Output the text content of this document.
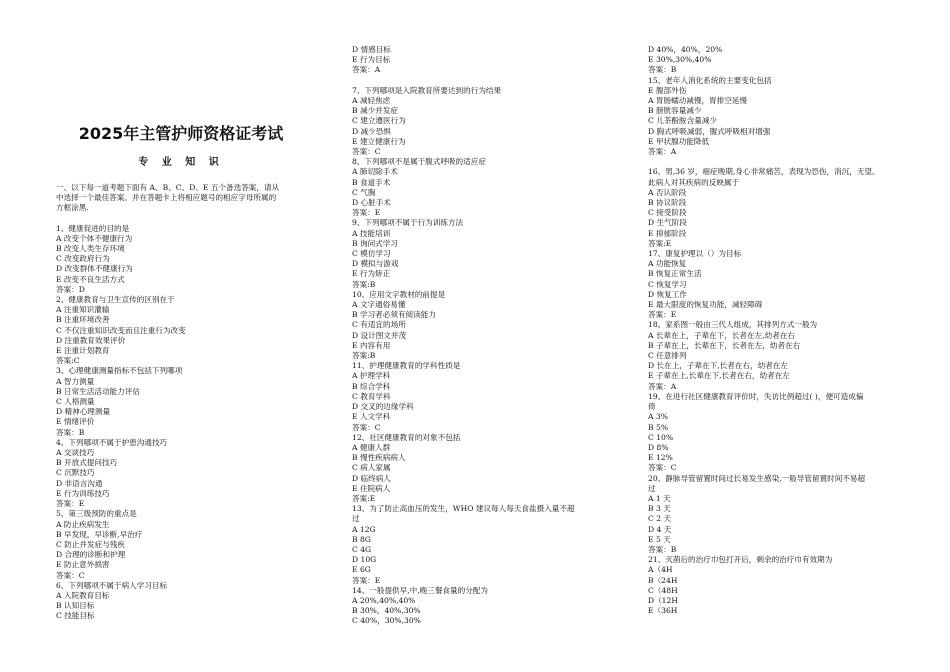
2025年主管护师资格证考试
专 业 知 识
一、以下每一道考题下面有 A、B、C、D、E 五个备选答案，请从
中选择一个最佳答案。并在答题卡上将相应题号的相应字母所属的
方框涂黑.
1、健康促进的目的是
A 改变个体不健康行为
B 改变人类生存环境
C 改变政府行为
D 改变群体不健康行为
E 改变不良生活方式
答案：D
2、健康教育与卫生宣传的区别在于
A 注重知识灌输
B 注重环境改善
C 不仅注重知识改变而且注重行为改变
D 注重教育效果评价
E 注重计划教育
答案:C
3、心理健康测量指标不包括下列哪项
A 智力测量
B 日常生活活动能力评估
C 人格测量
D 精神心理测量
E 情绪评价
答案：B
4、下列哪项不属于护患沟通技巧
A 交谈技巧
B 开放式提问技巧
C 沉默技巧
D 非语言沟通
E 行为训练技巧
答案：E
5、第三级预防的重点是
A 防止疾病发生
B 早发现，早诊断,早治疗
C 防止并发症与残疾
D 合理的诊断和护理
E 防止意外损害
答案：C
6、下列哪项不属于病人学习目标
A 入院教育目标
B 认知目标
C 技能目标
D 情感目标
E 行为目标
答案：A
7、下列哪项是入院教育所要达到的行为结果
A 减轻焦虑
B 减少并发症
C 建立遵医行为
D 减少恐惧
E 建立健康行为
答案：C
8、下列哪项不是属于腹式呼吸的适应症
A 肺切除手术
B 食道手术
C 气胸
D 心脏手术
答案：E
9、下列哪项不属于行为训练方法
A 技能培训
B 询问式学习
C 模仿学习
D 模拟与游戏
E 行为矫正
答案:B
10、应用文字教材的前提是
A 文字通俗易懂
B 学习者必须有阅读能力
C 有适宜的场所
D 设计图文并茂
E 内容有用
答案:B
11、护理健康教育的学科性质是
A 护理学科
B 综合学科
C 教育学科
D 交叉的边缘学科
E 人文学科
答案：C
12、社区健康教育的对象不包括
A 健康人群
B 慢性疾病病人
C 病人家属
D 临终病人
E 住院病人
答案:E
13、为了防止高血压的发生，WHO 建议每人每天食盐摄入量不超
过
A 12G
B 8G
C 4G
D 10G
E 6G
答案：E
14、一般提供早,中,晚三餐食量的分配为
A 20%,40%,40%
B 30%，40%,30%
C 40%，30%,30%
D 40%，40%，20%
E 30%,30%,40%
答案：B
15、老年人消化系统的主要变化包括
E 腹部外伤
A 胃肠蠕动减慢，胃排空延慢
B 膀胱容量减少
C 儿茶酚胺含量减少
D 胸式呼吸减弱，腹式呼吸相对增强
E 甲状腺功能降低
答案：A
16、男,36 岁，癌症晚期,身心非常痛苦，表现为恐伤，消沉，无望。
此病人对其疾病的反映属于
A 否认阶段
B 协议阶段
C 接受阶段
D 生气阶段
E 抑郁阶段
答案:E
17、康复护理以（）为目标
A 功能恢复
B 恢复正常生活
C 恢复学习
D 恢复工作
E 最大限度的恢复功能，减轻障碍
答案：E
18、家系图一般由三代人组成，其排列方式一般为
A 长辈在上，子辈在下，长者在左,幼者在右
B 子辈在上，长辈在下，长者在左，幼者在右
C 任意排列
D 长在上，子辈在下,长者在右，幼者在左
E 子辈在上,长辈在下,长者在右，幼者在左
答案：A
19、在进行社区健康教育评价时，失访比例超过( )，便可造成偏
倚
A 3%
B 5%
C 10%
D 8%
E 12%
答案：C
20、静脉导管留置时间过长易发生感染,一般导管留置时间不易超
过
A 1 天
B 3 天
C 2 天
D 4 天
E 5 天
答案：B
21、灭菌后的治疗巾包打开后，剩余的治疗巾有效期为
A（4H
B（24H
C（48H
D（12H
E（36H
